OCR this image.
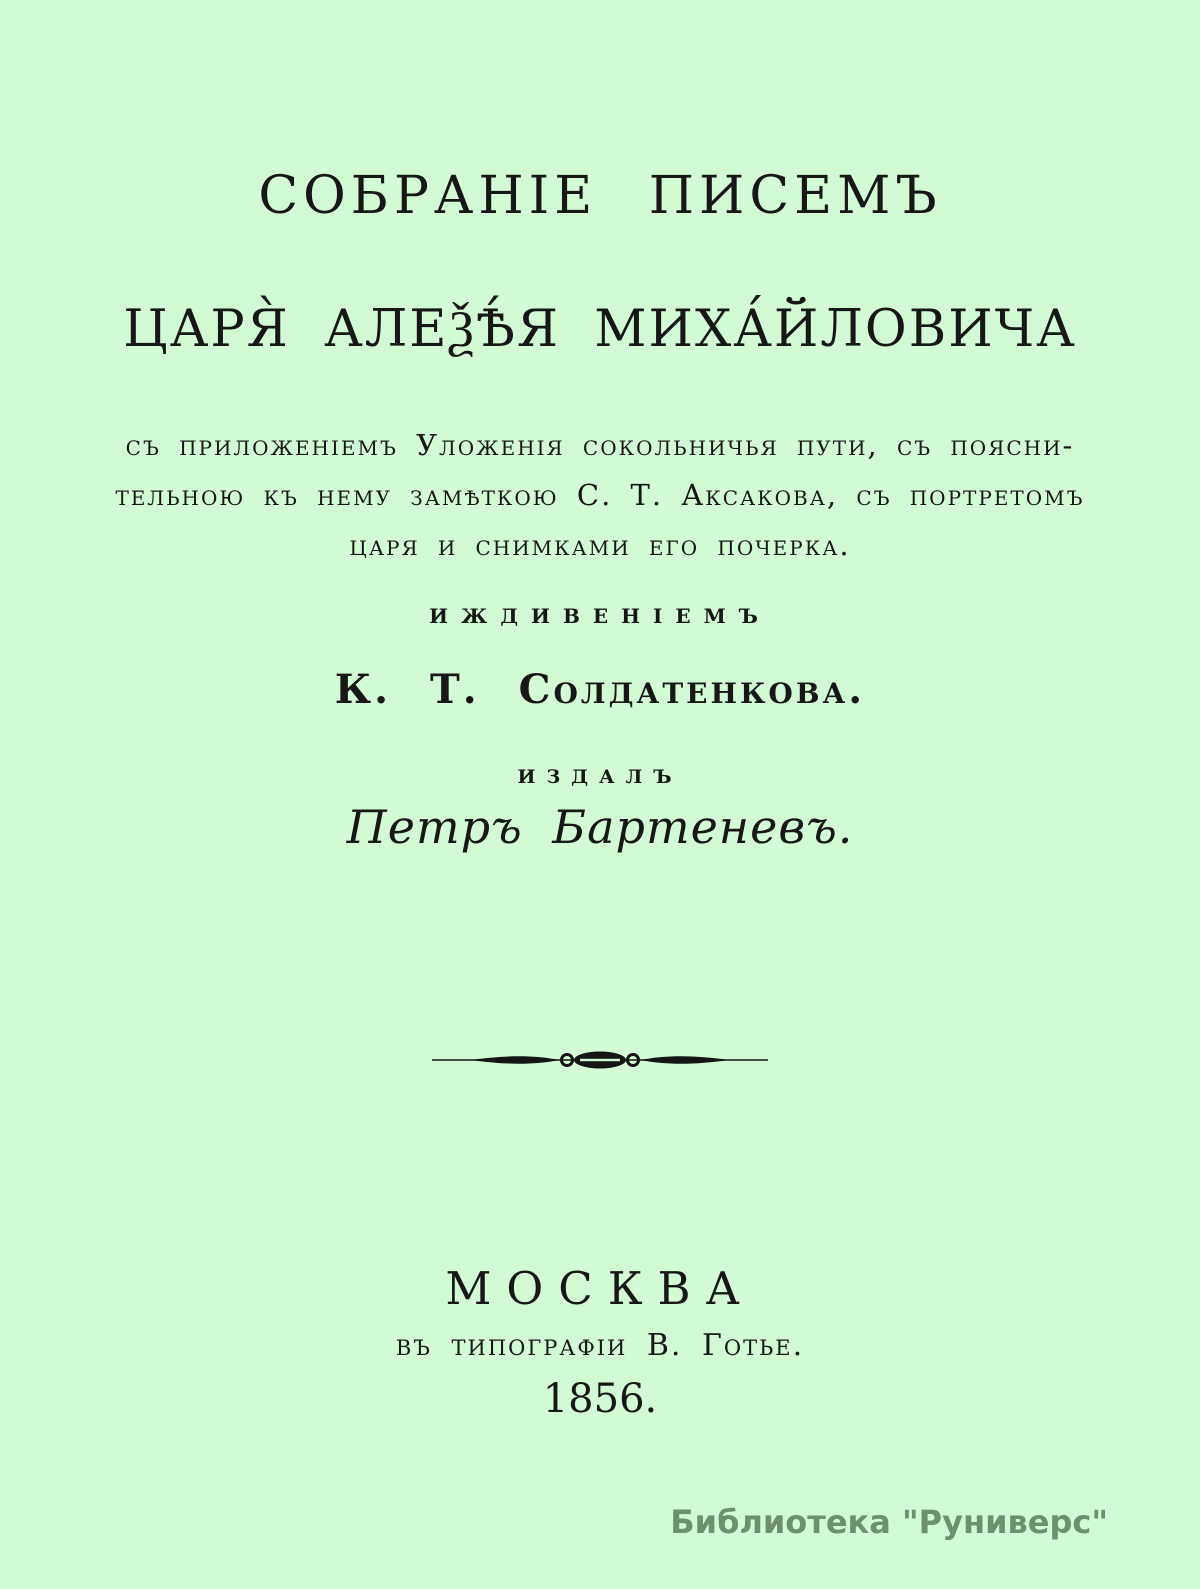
СОБРАНІЕ ПИСЕМЪ
ЦАРЯ̀ АЛЕѮѢ́Я МИХА́ЙЛОВИЧА
съ приложеніемъ Уложенія сокольничья пути, съ поясни-
тельною къ нему замѣткою С. Т. Аксакова, съ портретомъ
царя и снимками его почерка.
ИЖДИВЕНІЕМЪ
К. Т. Солдатенкова.
ИЗДАЛЪ
Петръ Бартеневъ.
МОСКВА
въ типографіи В. Готье.
1856.
Библиотека "Руниверс"
